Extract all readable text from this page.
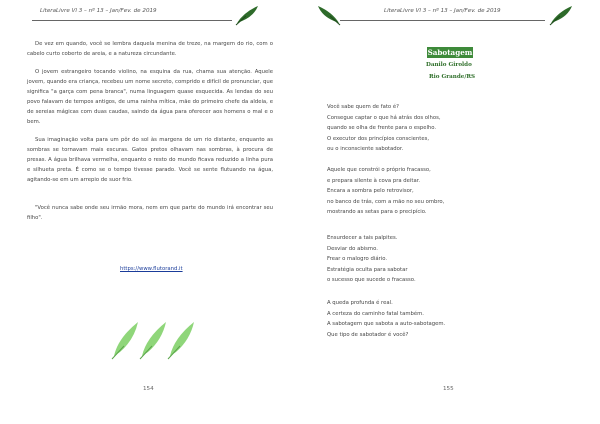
LiteraLivre Vl 3 – nº 13 – Jan/Fev. de 2019
De vez em quando, você se lembra daquela menina de treze, na margem do rio, com o cabelo curto coberto de areia, e a natureza circundante.
O jovem estrangeiro tocando violino, na esquina da rua, chama sua atenção. Aquele jovem, quando era criança, recebeu um nome secreto, comprido e difícil de pronunciar, que significa "a garça com pena branca", numa linguagem quase esquecida. As lendas do seu povo falavam de tempos antigos, de uma rainha mítica, mãe do primeiro chefe da aldeia, e de sereias mágicas com duas caudas, saindo da água para oferecer aos homens o mal e o bem.
Sua imaginação volta para um pôr do sol às margens de um rio distante, enquanto as sombras se tornavam mais escuras. Gatos pretos olhavam nas sombras, à procura de presas. A água brilhava vermelha, enquanto o resto do mundo ficava reduzido a linha pura e silhueta preta. É como se o tempo tivesse parado. Você se sente flutuando na água, agitando-se em um arrepio de suor frio.
"Você nunca sabe onde seu irmão mora, nem em que parte do mundo irá encontrar seu filho".
https://www.flutorand.it
154
LiteraLivre Vl 3 – nº 13 – Jan/Fev. de 2019
Sabotagem
Danilo Giroldo
Rio Grande/RS
Você sabe quem de fato é?
Consegue captar o que há atrás dos olhos,
quando se olha de frente para o espelho.
O executor dos princípios conscientes,
ou o inconsciente sabotador.
Aquele que constrói o próprio fracasso,
e prepara silente à cova pra deitar.
Encara a sombra pelo retrovisor,
no banco de trás, com a mão no seu ombro,
mostrando as setas para o precipício.
Ensurdecer a tais palpites.
Desviar do abismo.
Frear o malogro diário.
Estratégia oculta para sabotar
o sucesso que sucede o fracasso.
A queda profunda é real.
A certeza do caminho fatal também.
A sabotagem que sabota a auto-sabotagem.
Que tipo de sabotador é você?
155
